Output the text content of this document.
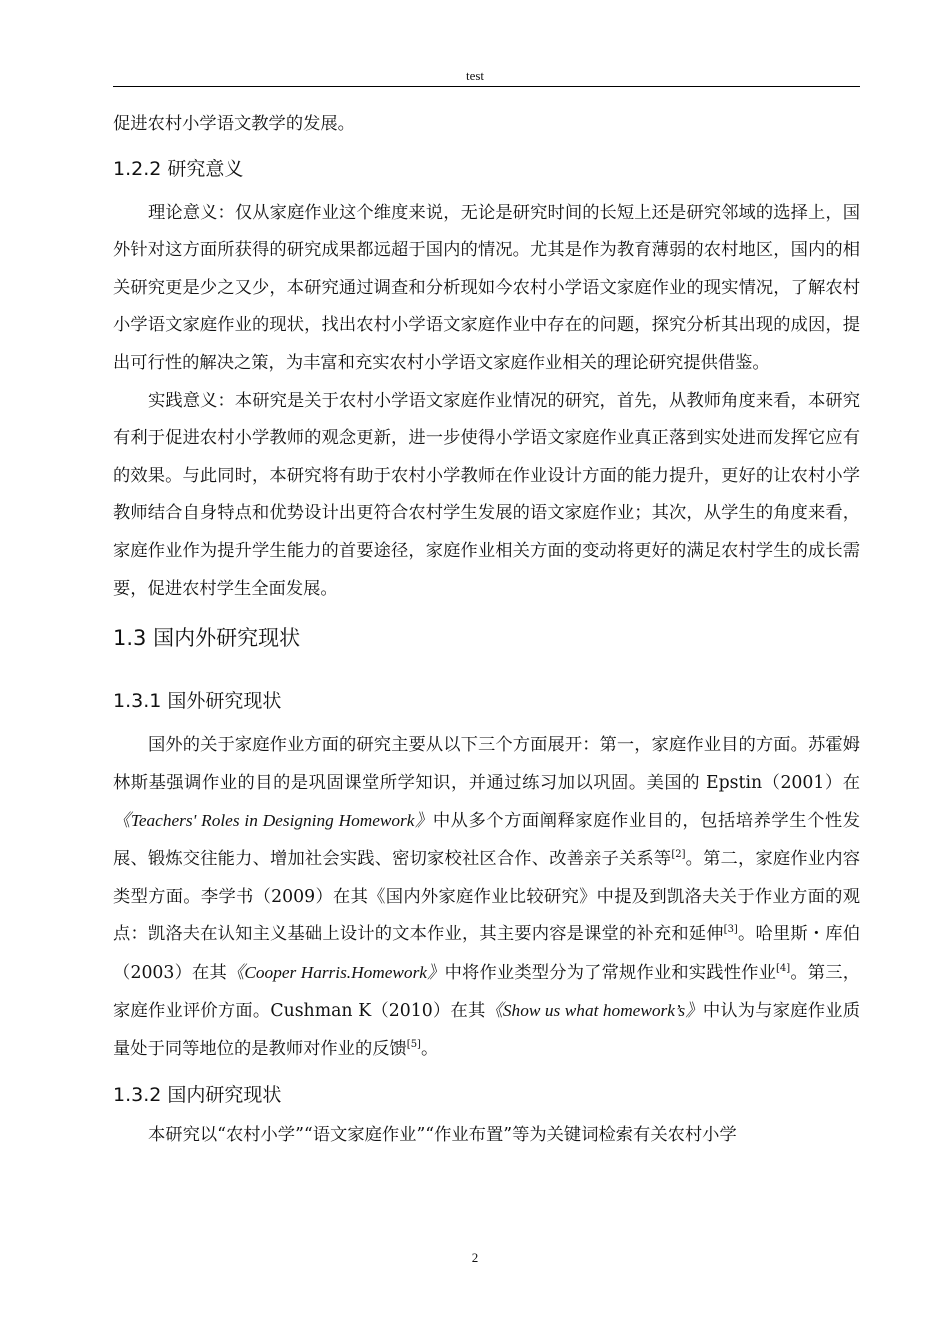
test

促进农村小学语文教学的发展。

1.2.2 研究意义

理论意义：仅从家庭作业这个维度来说，无论是研究时间的长短上还是研究邻域的选择上，国外针对这方面所获得的研究成果都远超于国内的情况。尤其是作为教育薄弱的农村地区，国内的相关研究更是少之又少，本研究通过调查和分析现如今农村小学语文家庭作业的现实情况，了解农村小学语文家庭作业的现状，找出农村小学语文家庭作业中存在的问题，探究分析其出现的成因，提出可行性的解决之策，为丰富和充实农村小学语文家庭作业相关的理论研究提供借鉴。

实践意义：本研究是关于农村小学语文家庭作业情况的研究，首先，从教师角度来看，本研究有利于促进农村小学教师的观念更新，进一步使得小学语文家庭作业真正落到实处进而发挥它应有的效果。与此同时，本研究将有助于农村小学教师在作业设计方面的能力提升，更好的让农村小学教师结合自身特点和优势设计出更符合农村学生发展的语文家庭作业；其次，从学生的角度来看，家庭作业作为提升学生能力的首要途径，家庭作业相关方面的变动将更好的满足农村学生的成长需要，促进农村学生全面发展。

1.3 国内外研究现状
1.3.1 国外研究现状

国外的关于家庭作业方面的研究主要从以下三个方面展开：第一，家庭作业目的方面。苏霍姆林斯基强调作业的目的是巩固课堂所学知识，并通过练习加以巩固。美国的 Epstin（2001）在《Teachers' Roles in Designing Homework》中从多个方面阐释家庭作业目的，包括培养学生个性发展、锻炼交往能力、增加社会实践、密切家校社区合作、改善亲子关系等[2]。第二，家庭作业内容类型方面。李学书（2009）在其《国内外家庭作业比较研究》中提及到凯洛夫关于作业方面的观点：凯洛夫在认知主义基础上设计的文本作业，其主要内容是课堂的补充和延伸[3]。哈里斯・库伯（2003）在其《Cooper Harris.Homework》中将作业类型分为了常规作业和实践性作业[4]。第三，家庭作业评价方面。Cushman K（2010）在其《Show us what homework’s》中认为与家庭作业质量处于同等地位的是教师对作业的反馈[5]。

1.3.2 国内研究现状

本研究以“农村小学”“语文家庭作业”“作业布置”等为关键词检索有关农村小学

2
